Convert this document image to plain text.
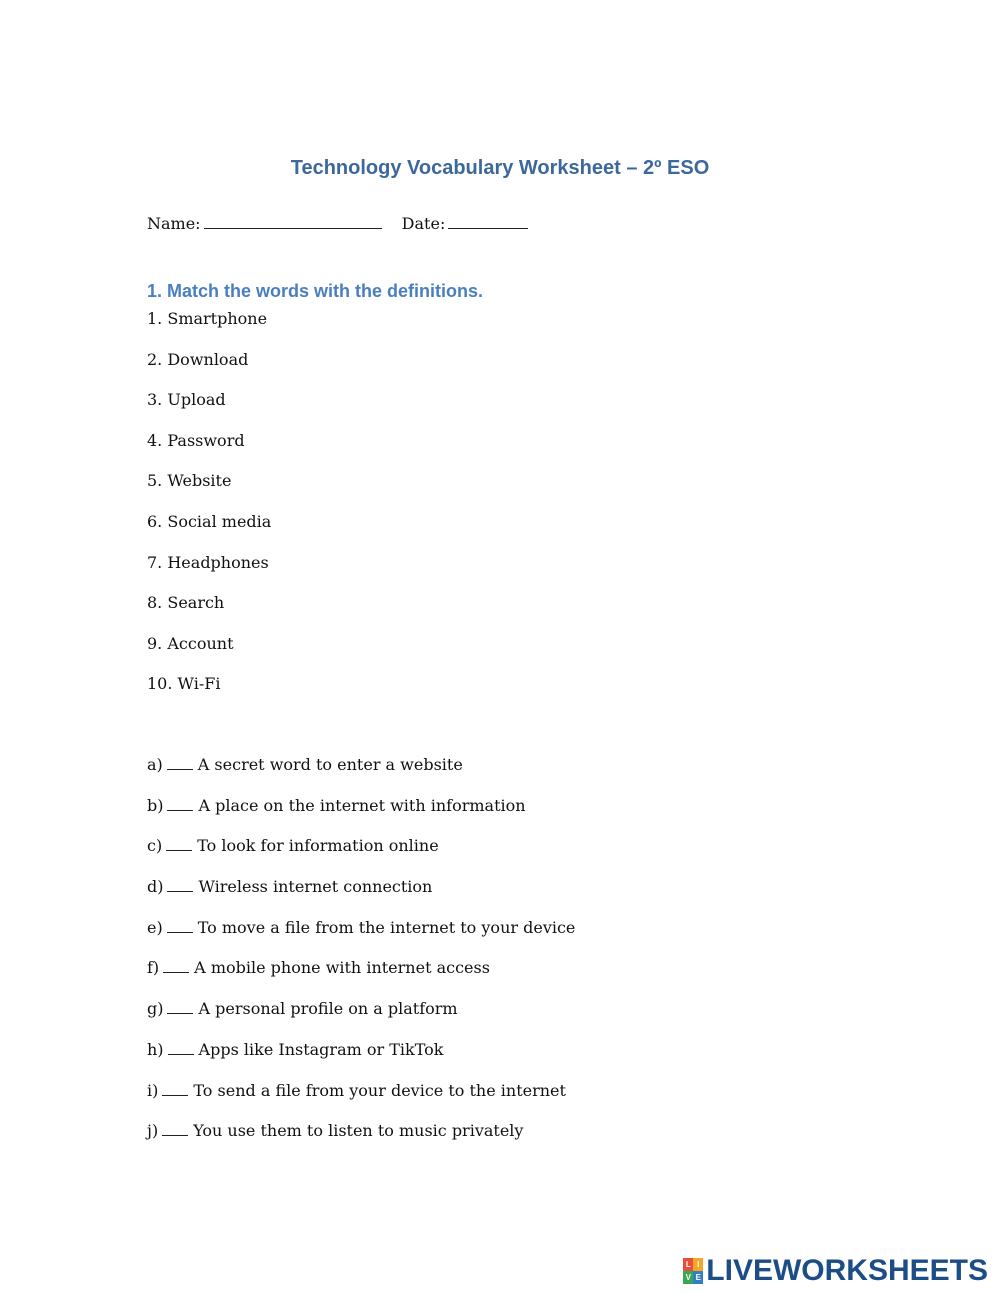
Technology Vocabulary Worksheet – 2º ESO
Name:	Date:
1. Match the words with the definitions.
1. Smartphone
2. Download
3. Upload
4. Password
5. Website
6. Social media
7. Headphones
8. Search
9. Account
10. Wi-Fi
a) A secret word to enter a website
b) A place on the internet with information
c) To look for information online
d) Wireless internet connection
e) To move a file from the internet to your device
f) A mobile phone with internet access
g) A personal profile on a platform
h) Apps like Instagram or TikTok
i) To send a file from your device to the internet
j) You use them to listen to music privately
L I
V E LIVEWORKSHEETS
